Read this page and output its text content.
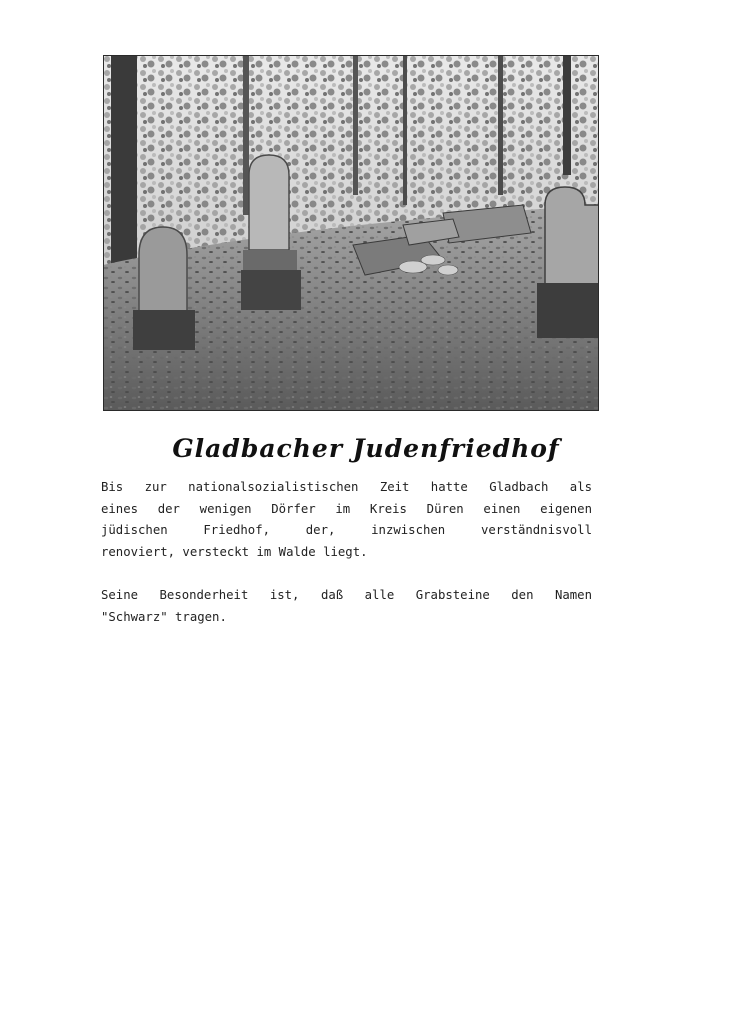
Gladbacher Judenfriedhof

Bis zur nationalsozialistischen Zeit hatte Gladbach als
eines der wenigen Dörfer im Kreis Düren einen eigenen
jüdischen Friedhof, der, inzwischen verständnisvoll
renoviert, versteckt im Walde liegt.

Seine Besonderheit ist, daß alle Grabsteine den Namen
"Schwarz" tragen.
